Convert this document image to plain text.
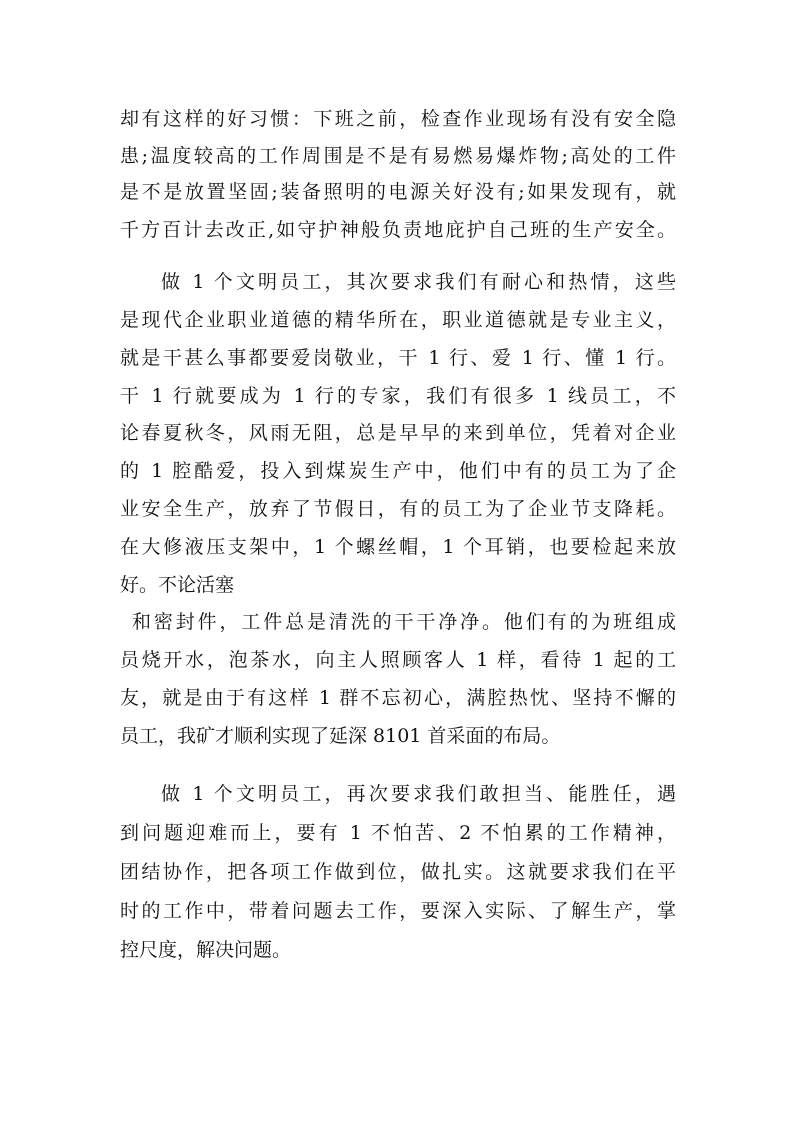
却有这样的好习惯：下班之前，检查作业现场有没有安全隐
患;温度较高的工作周围是不是有易燃易爆炸物;高处的工件
是不是放置坚固;装备照明的电源关好没有;如果发现有，就
千方百计去改正,如守护神般负责地庇护自己班的生产安全。
做 1 个文明员工，其次要求我们有耐心和热情，这些
是现代企业职业道德的精华所在，职业道德就是专业主义，
就是干甚么事都要爱岗敬业，干 1 行、爱 1 行、懂 1 行。
干 1 行就要成为 1 行的专家，我们有很多 1 线员工，不
论春夏秋冬，风雨无阻，总是早早的来到单位，凭着对企业
的 1 腔酷爱，投入到煤炭生产中，他们中有的员工为了企
业安全生产，放弃了节假日，有的员工为了企业节支降耗。
在大修液压支架中，1 个螺丝帽，1 个耳销，也要检起来放
好。不论活塞
和密封件，工件总是清洗的干干净净。他们有的为班组成
员烧开水，泡茶水，向主人照顾客人 1 样，看待 1 起的工
友，就是由于有这样 1 群不忘初心，满腔热忱、坚持不懈的
员工，我矿才顺利实现了延深 8101 首采面的布局。
做 1 个文明员工，再次要求我们敢担当、能胜任，遇
到问题迎难而上，要有 1 不怕苦、2 不怕累的工作精神，
团结协作，把各项工作做到位，做扎实。这就要求我们在平
时的工作中，带着问题去工作，要深入实际、了解生产，掌
控尺度，解决问题。
